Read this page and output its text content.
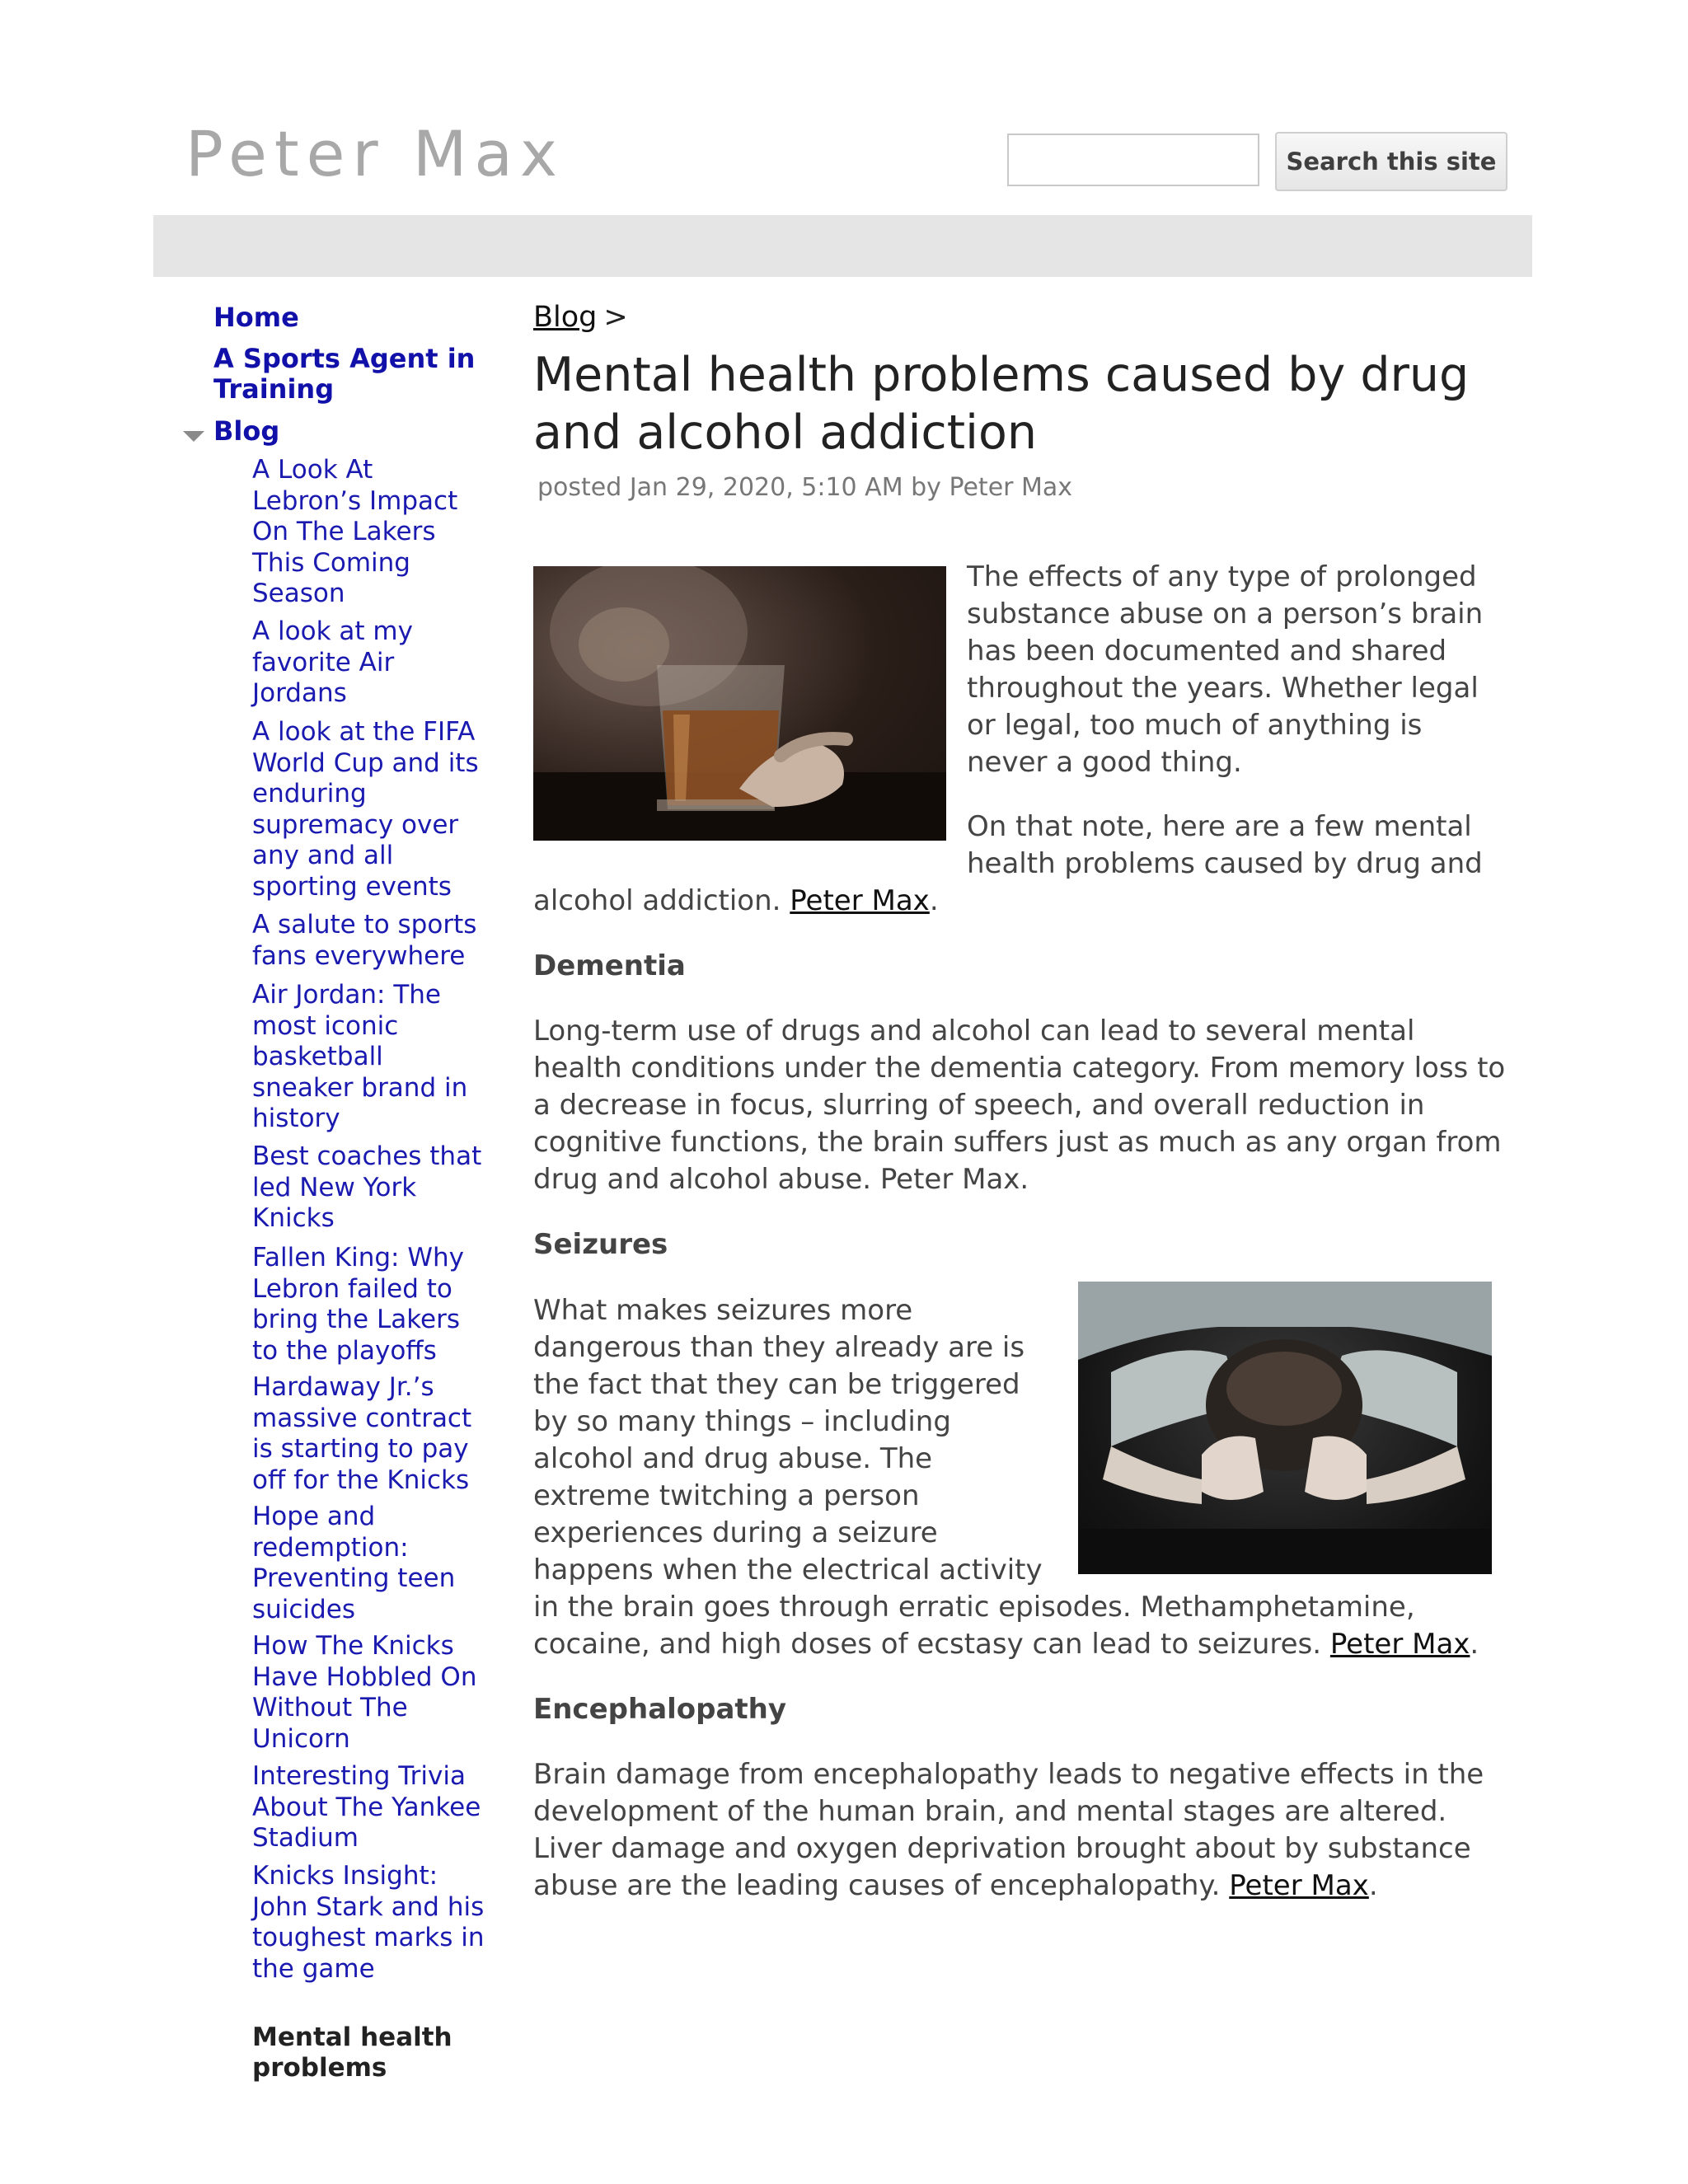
Peter Max	Search this site
Home
A Sports Agent in Training
Blog
A Look At Lebron’s Impact On The Lakers This Coming Season
A look at my favorite Air Jordans
A look at the FIFA World Cup and its enduring supremacy over any and all sporting events
A salute to sports fans everywhere
Air Jordan: The most iconic basketball sneaker brand in history
Best coaches that led New York Knicks
Fallen King: Why Lebron failed to bring the Lakers to the playoffs
Hardaway Jr.’s massive contract is starting to pay off for the Knicks
Hope and redemption: Preventing teen suicides
How The Knicks Have Hobbled On Without The Unicorn
Interesting Trivia About The Yankee Stadium
Knicks Insight: John Stark and his toughest marks in the game
Mental health problems
Blog >
Mental health problems caused by drug and alcohol addiction
posted Jan 29, 2020, 5:10 AM by Peter Max

The effects of any type of prolonged substance abuse on a person’s brain has been documented and shared throughout the years. Whether legal or legal, too much of anything is never a good thing.

On that note, here are a few mental health problems caused by drug and alcohol addiction. Peter Max.

Dementia

Long-term use of drugs and alcohol can lead to several mental health conditions under the dementia category. From memory loss to a decrease in focus, slurring of speech, and overall reduction in cognitive functions, the brain suffers just as much as any organ from drug and alcohol abuse. Peter Max.

Seizures

What makes seizures more dangerous than they already are is the fact that they can be triggered by so many things – including alcohol and drug abuse. The extreme twitching a person experiences during a seizure happens when the electrical activity in the brain goes through erratic episodes. Methamphetamine, cocaine, and high doses of ecstasy can lead to seizures. Peter Max.

Encephalopathy

Brain damage from encephalopathy leads to negative effects in the development of the human brain, and mental stages are altered. Liver damage and oxygen deprivation brought about by substance abuse are the leading causes of encephalopathy. Peter Max.
